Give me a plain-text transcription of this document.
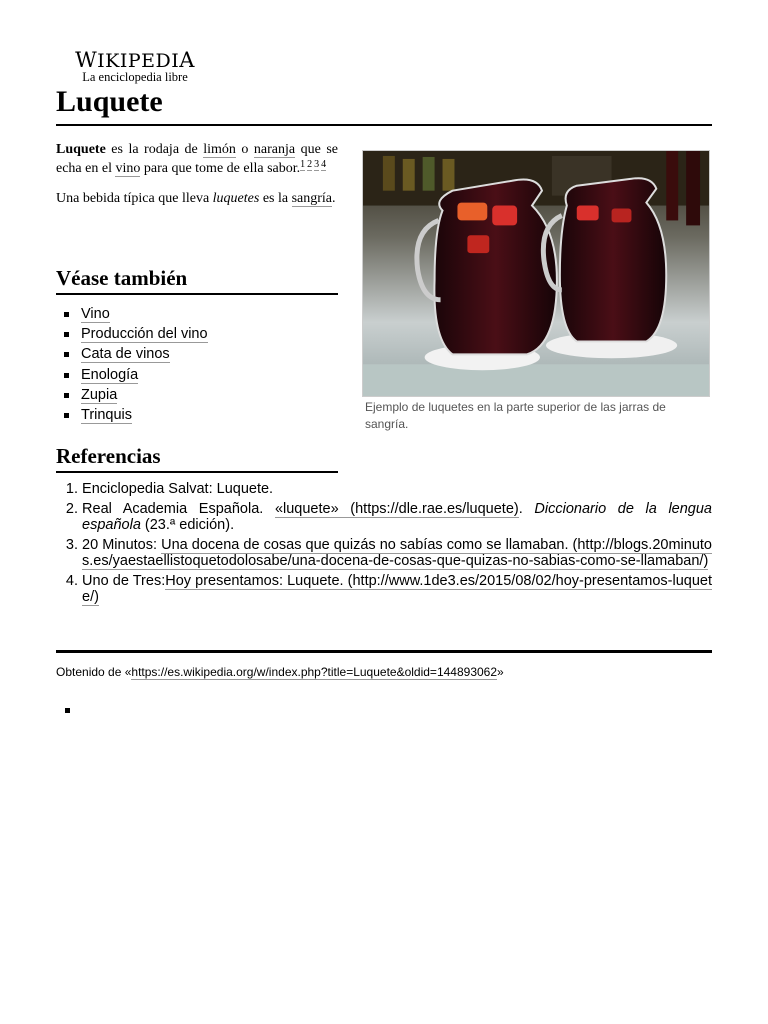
WIKIPEDIA
La enciclopedia libre
Luquete

Luquete es la rodaja de limón o naranja que se echa en el vino para que tome de ella sabor.$^{1 2 3 4}$

Una bebida típica que lleva luquetes es la sangría.

Ejemplo de luquetes en la parte superior de las jarras de sangría.
Véase también
Vino
Producción del vino
Cata de vinos
Enología
Zupia
Trinquis
Referencias
1.
Enciclopedia Salvat: Luquete.
2.
Real Academia Española. «luquete» (https://dle.rae.es/luquete). Diccionario de la lengua española (23.ª edición).
3.
20 Minutos: Una docena de cosas que quizás no sabías como se llamaban. (http://blogs.20minutos.es/yaestaellistoquetodolosabe/una-docena-de-cosas-que-quizas-no-sabias-como-se-llamaban/)
4.
Uno de Tres:Hoy presentamos: Luquete. (http://www.1de3.es/2015/08/02/hoy-presentamos-luquete/)
Obtenido de «https://es.wikipedia.org/w/index.php?title=Luquete&oldid=144893062»
